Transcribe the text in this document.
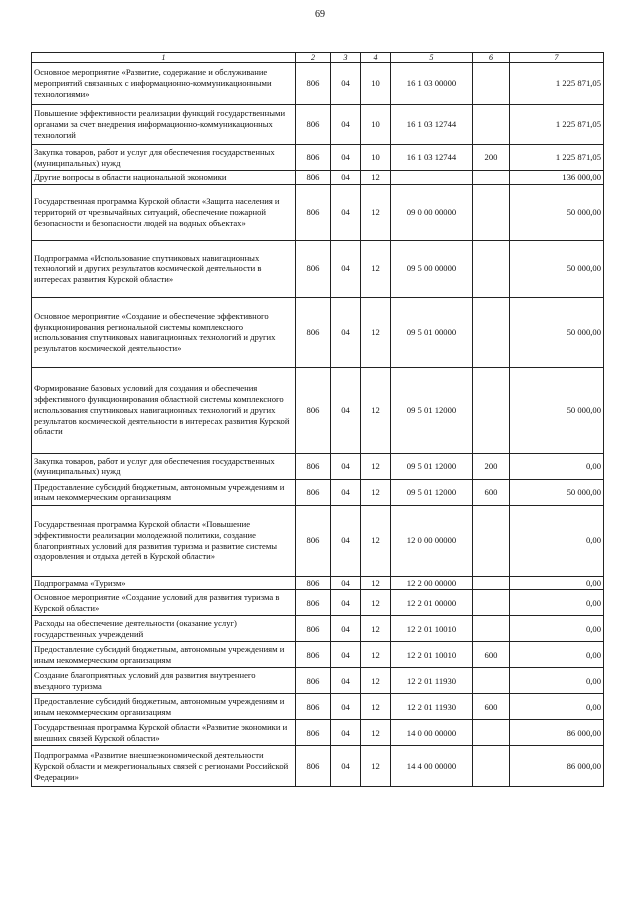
69
1	2	3	4	5	6	7
Основное мероприятие «Развитие, содержание и обслуживание мероприятий связанных с информационно-коммуникационными технологиями»	806	04	10	16 1 03 00000		1 225 871,05
Повышение эффективности реализации функций государственными органами за счет внедрения информационно-коммуникационных технологий	806	04	10	16 1 03 12744		1 225 871,05
Закупка товаров, работ и услуг для обеспечения государственных (муниципальных) нужд	806	04	10	16 1 03 12744	200	1 225 871,05
Другие вопросы в области национальной экономики	806	04	12			136 000,00
Государственная программа Курской области «Защита населения и территорий от чрезвычайных ситуаций, обеспечение пожарной безопасности и безопасности людей на водных объектах»	806	04	12	09 0 00 00000		50 000,00
Подпрограмма «Использование спутниковых навигационных технологий и других результатов космической деятельности в интересах развития Курской области»	806	04	12	09 5 00 00000		50 000,00
Основное мероприятие «Создание и обеспечение эффективного функционирования региональной системы комплексного использования спутниковых навигационных технологий и других результатов космической деятельности»	806	04	12	09 5 01 00000		50 000,00
Формирование базовых условий для создания и обеспечения эффективного функционирования областной системы комплексного использования спутниковых навигационных технологий и других результатов космической деятельности в интересах развития Курской области	806	04	12	09 5 01 12000		50 000,00
Закупка товаров, работ и услуг для обеспечения государственных (муниципальных) нужд	806	04	12	09 5 01 12000	200	0,00
Предоставление субсидий бюджетным, автономным учреждениям и иным некоммерческим организациям	806	04	12	09 5 01 12000	600	50 000,00
Государственная программа Курской области «Повышение эффективности реализации молодежной политики, создание благоприятных условий для развития туризма и развитие системы оздоровления и отдыха детей в Курской области»	806	04	12	12 0 00 00000		0,00
Подпрограмма «Туризм»	806	04	12	12 2 00 00000		0,00
Основное мероприятие «Создание условий для развития туризма в Курской области»	806	04	12	12 2 01 00000		0,00
Расходы на обеспечение деятельности (оказание услуг) государственных учреждений	806	04	12	12 2 01 10010		0,00
Предоставление субсидий бюджетным, автономным учреждениям и иным некоммерческим организациям	806	04	12	12 2 01 10010	600	0,00
Создание благоприятных условий для развития внутреннего въездного туризма	806	04	12	12 2 01 11930		0,00
Предоставление субсидий бюджетным, автономным учреждениям и иным некоммерческим организациям	806	04	12	12 2 01 11930	600	0,00
Государственная программа Курской области «Развитие экономики и внешних связей Курской области»	806	04	12	14 0 00 00000		86 000,00
Подпрограмма «Развитие внешнеэкономической деятельности Курской области и межрегиональных связей с регионами Российской Федерации»	806	04	12	14 4 00 00000		86 000,00
